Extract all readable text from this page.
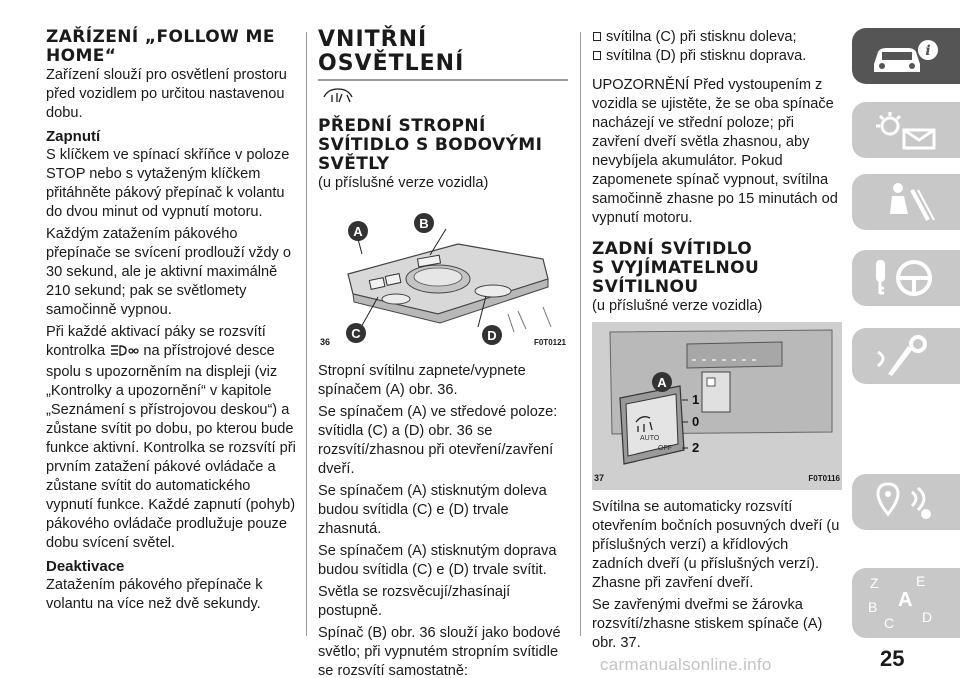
ZAŘÍZENÍ „FOLLOW ME
HOME“

Zařízení slouží pro osvětlení prostoru před vozidlem po určitou nastavenou dobu.

Zapnutí

S klíčkem ve spínací skříňce v poloze STOP nebo s vytaženým klíčkem přitáhněte pákový přepínač k volantu do dvou minut od vypnutí motoru.

Každým zatažením pákového přepínače se svícení prodlouží vždy o 30 sekund, ale je aktivní maximálně 210 sekund; pak se světlomety samočinně vypnou.

Při každé aktivací páky se rozsvítí kontrolka	na přístrojové desce spolu s upozorněním na displeji (viz „Kontrolky a upozornění“ v kapitole „Seznámení s přístrojovou deskou“) a zůstane svítit po dobu, po kterou bude funkce aktivní. Kontrolka se rozsvítí při prvním zatažení pákové ovládače a zůstane svítit do automatického vypnutí funkce. Každé zapnutí (pohyb) pákového ovládače prodlužuje pouze dobu svícení světel.

Deaktivace

Zatažením pákového přepínače k volantu na více než dvě sekundy.

VNITŘNÍ OSVĚTLENÍ
PŘEDNÍ STROPNÍ
SVÍTIDLO S BODOVÝMI
SVĚTLY

(u příslušné verze vozidla)

A
B
C	D
36	F0T0121

Stropní svítilnu zapnete/vypnete spínačem (A) obr. 36.

Se spínačem (A) ve středové poloze: svítidla (C) a (D) obr. 36 se rozsvítí/zhasnou při otevření/zavření dveří.

Se spínačem (A) stisknutým doleva budou svítidla (C) e (D) trvale zhasnutá.

Se spínačem (A) stisknutým doprava budou svítidla (C) e (D) trvale svítit.

Světla se rozsvěcují/zhasínají postupně.

Spínač (B) obr. 36 slouží jako bodové světlo; při vypnutém stropním svítidle se rozsvítí samostatně:

svítilna (C) při stisknu doleva;
svítilna (D) při stisknu doprava.

UPOZORNĚNÍ Před vystoupením z vozidla se ujistěte, že se oba spínače nacházejí ve střední poloze; při zavření dveří světla zhasnou, aby nevybíjela akumulátor. Pokud zapomenete spínač vypnout, svítilna samočinně zhasne po 15 minutách od vypnutí motoru.

ZADNÍ SVÍTIDLO
S VYJÍMATELNOU
SVÍTILNOU

(u příslušné verze vozidla)

AUTO
OFF
1
0
2
A
37	F0T0116

Svítilna se automaticky rozsvítí otevřením bočních posuvných dveří (u příslušných verzí) a křídlových zadních dveří (u příslušných verzí). Zhasne při zavření dveří.

Se zavřenými dveřmi se žárovka rozsvítí/zhasne stiskem spínače (A) obr. 37.

i
Z	E
A
B
C D
25
carmanualsonline.info
